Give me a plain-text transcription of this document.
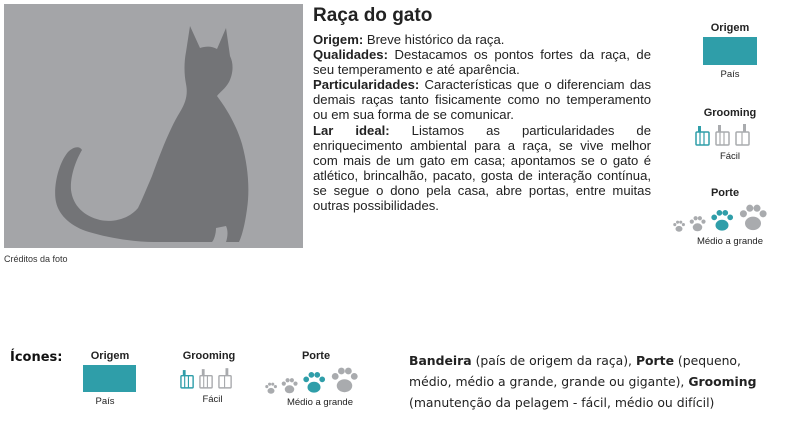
Créditos da foto
Raça do gato

Origem: Breve histórico da raça.

Qualidades: Destacamos os pontos fortes da raça, de seu temperamento e até aparência.

Particularidades: Características que o diferenciam das demais raças tanto fisicamente como no temperamento ou em sua forma de se comunicar.

Lar ideal: Listamos as particularidades de enriquecimento ambiental para a raça, se vive melhor com mais de um gato em casa; apontamos se o gato é atlético, brincalhão, pacato, gosta de interação contínua, se segue o dono pela casa, abre portas, entre muitas outras possibilidades.

Origem
País
Grooming
Fácil
Porte
Médio a grande
Ícones:	Origem
País
Grooming
Fácil
Porte
Médio a grande
Bandeira (país de origem da raça), Porte (pequeno, médio, médio a grande, grande ou gigante), Grooming (manutenção da pelagem - fácil, médio ou difícil)
